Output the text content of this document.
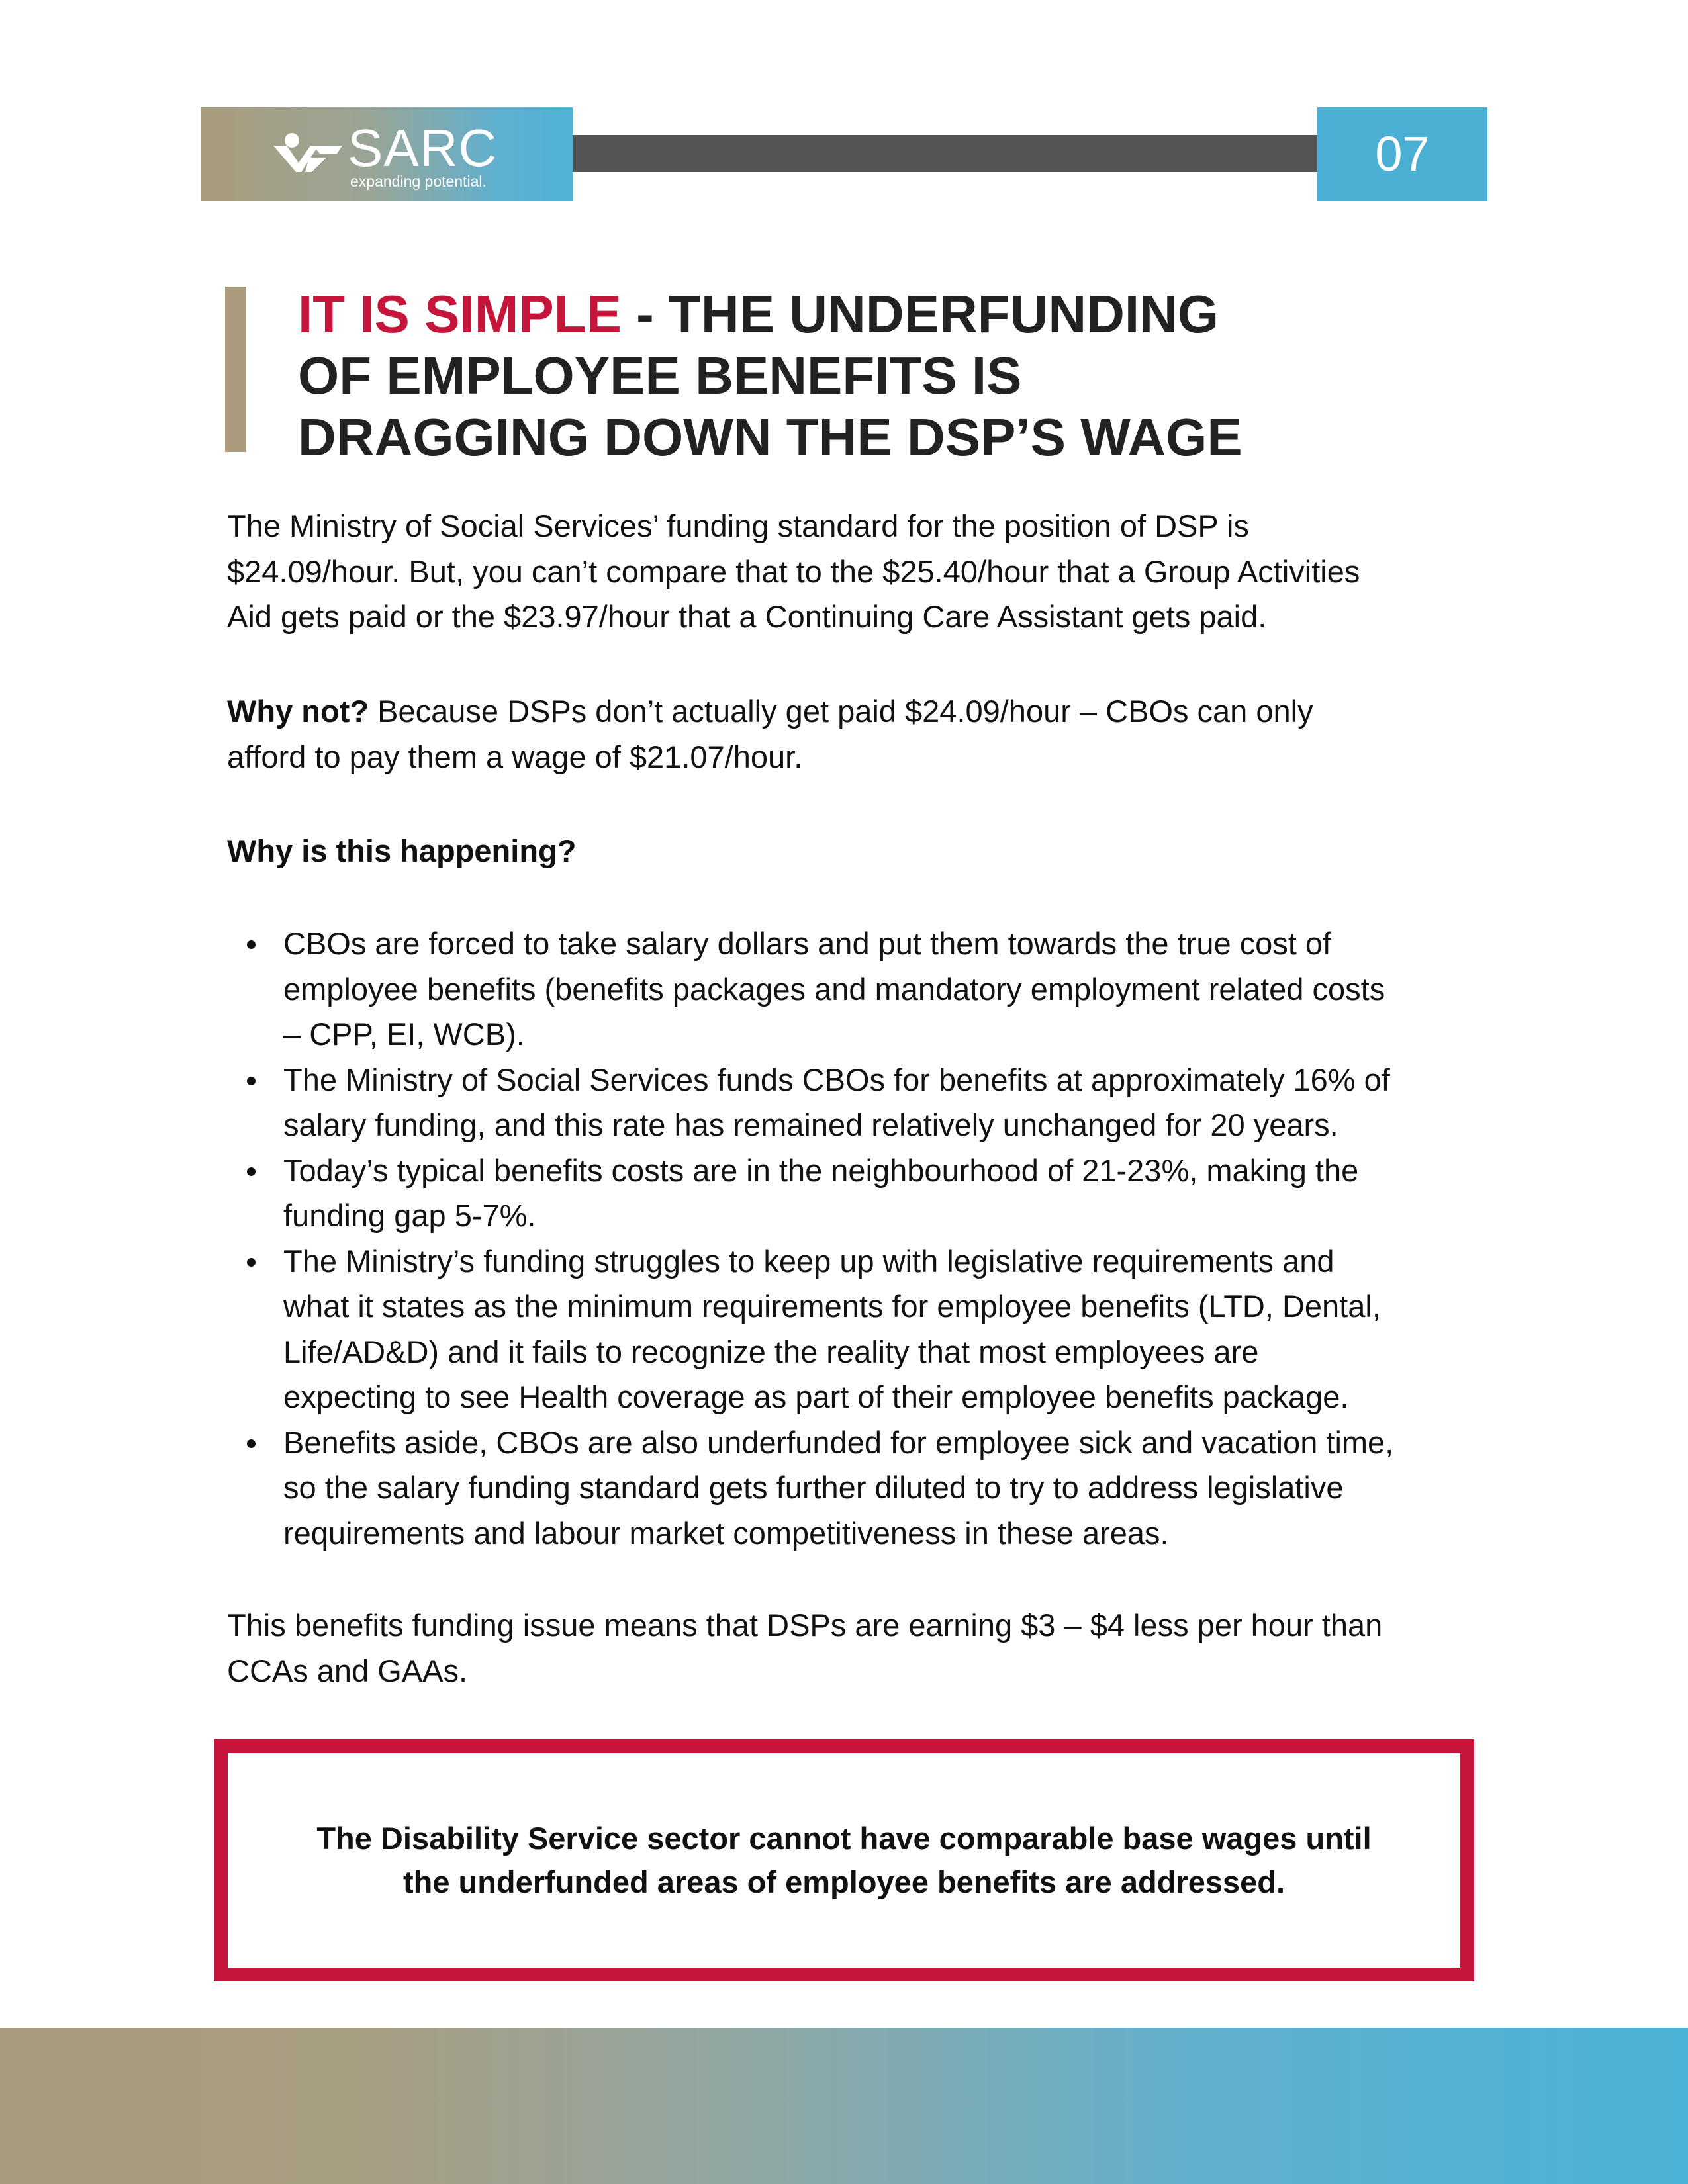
SARC
expanding potential.	07
IT IS SIMPLE - THE UNDERFUNDING
OF EMPLOYEE BENEFITS IS
DRAGGING DOWN THE DSP’S WAGE

The Ministry of Social Services’ funding standard for the position of DSP is
$24.09/hour. But, you can’t compare that to the $25.40/hour that a Group Activities
Aid gets paid or the $23.97/hour that a Continuing Care Assistant gets paid.

Why not? Because DSPs don’t actually get paid $24.09/hour – CBOs can only
afford to pay them a wage of $21.07/hour.

Why is this happening?

CBOs are forced to take salary dollars and put them towards the true cost of
employee benefits (benefits packages and mandatory employment related costs
– CPP, EI, WCB).
The Ministry of Social Services funds CBOs for benefits at approximately 16% of
salary funding, and this rate has remained relatively unchanged for 20 years.
Today’s typical benefits costs are in the neighbourhood of 21-23%, making the
funding gap 5-7%.
The Ministry’s funding struggles to keep up with legislative requirements and
what it states as the minimum requirements for employee benefits (LTD, Dental,
Life/AD&D) and it fails to recognize the reality that most employees are
expecting to see Health coverage as part of their employee benefits package.
Benefits aside, CBOs are also underfunded for employee sick and vacation time,
so the salary funding standard gets further diluted to try to address legislative
requirements and labour market competitiveness in these areas.

This benefits funding issue means that DSPs are earning $3 – $4 less per hour than
CCAs and GAAs.

The Disability Service sector cannot have comparable base wages until
the underfunded areas of employee benefits are addressed.
